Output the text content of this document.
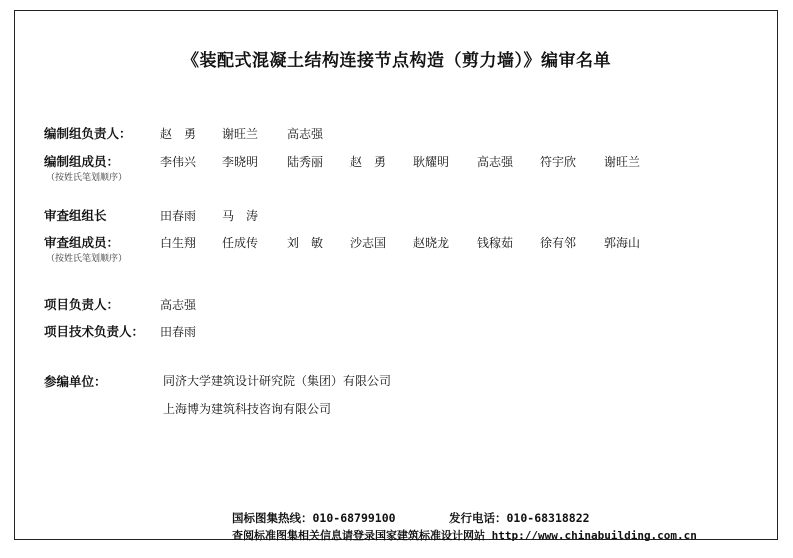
《装配式混凝土结构连接节点构造（剪力墙）》编审名单
编制组负责人： 赵　勇 谢旺兰 高志强
编制组成员：
（按姓氏笔划顺序）
李伟兴 李晓明 陆秀丽 赵　勇 耿耀明 高志强 符宇欣 谢旺兰
审查组组长	田春雨 马　涛
审查组成员：
（按姓氏笔划顺序）
白生翔 任成传 刘　敏 沙志国 赵晓龙 钱稼茹 徐有邻 郭海山
项目负责人：	高志强
项目技术负责人： 田春雨
参编单位：	同济大学建筑设计研究院（集团）有限公司
上海博为建筑科技咨询有限公司
国标图集热线：010-68799100	发行电话：010-68318822
查阅标准图集相关信息请登录国家建筑标准设计网站 http://www.chinabuilding.com.cn
